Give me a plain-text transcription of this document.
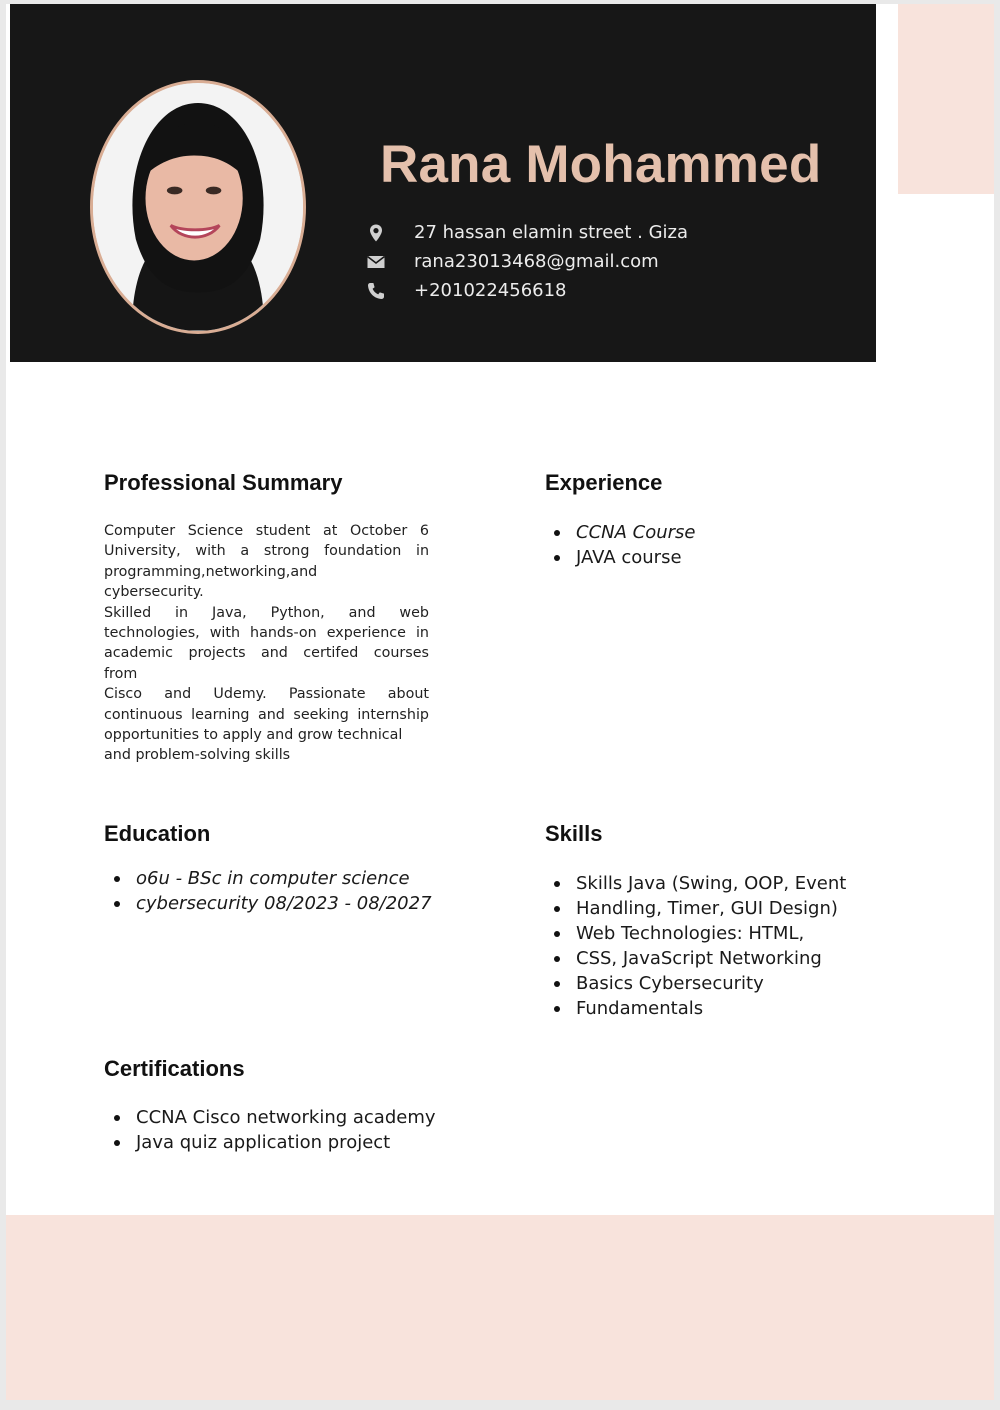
Rana Mohammed
27 hassan elamin street . Giza
rana23013468@gmail.com
+201022456618
Professional Summary
Computer Science student at October 6
University, with a strong foundation in
programming,networking,and
cybersecurity.
Skilled in Java, Python, and web
technologies, with hands-on experience in
academic projects and certifed courses
from
Cisco and Udemy. Passionate about
continuous learning and seeking internship
opportunities to apply and grow technical
and problem-solving skills
Experience
CCNA Course
JAVA course
Education
o6u - BSc in computer science
cybersecurity 08/2023 - 08/2027
Skills
Skills Java (Swing, OOP, Event
Handling, Timer, GUI Design)
Web Technologies: HTML,
CSS, JavaScript Networking
Basics Cybersecurity
Fundamentals
Certifications
CCNA Cisco networking academy
Java quiz application project
